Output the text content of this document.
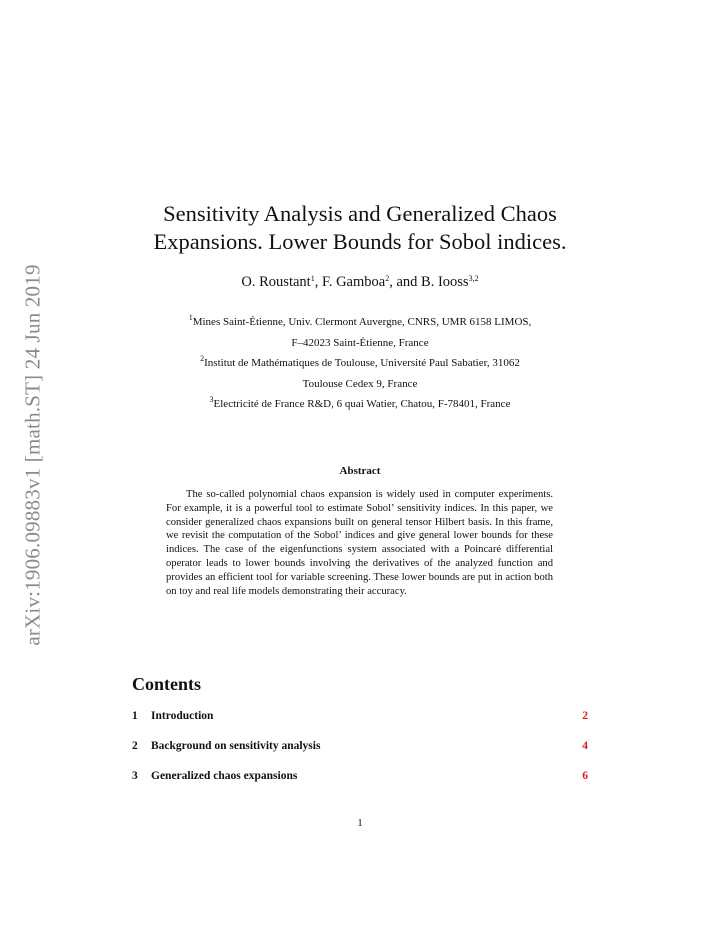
arXiv:1906.09883v1 [math.ST] 24 Jun 2019
Sensitivity Analysis and Generalized Chaos
Expansions. Lower Bounds for Sobol indices.
O. Roustant$^1$, F. Gamboa$^2$, and B. Iooss$^{3,2}$
$^1$Mines Saint-Étienne, Univ. Clermont Auvergne, CNRS, UMR 6158 LIMOS,
F–42023 Saint-Étienne, France
$^2$Institut de Mathématiques de Toulouse, Université Paul Sabatier, 31062
Toulouse Cedex 9, France
$^3$Electricité de France R&D, 6 quai Watier, Chatou, F-78401, France
Abstract

The so-called polynomial chaos expansion is widely used in computer experiments. For example, it is a powerful tool to estimate Sobol’ sensitivity indices. In this paper, we consider generalized chaos expansions built on general tensor Hilbert basis. In this frame, we revisit the computation of the Sobol’ indices and give general lower bounds for these indices. The case of the eigenfunctions system associated with a Poincaré differential operator leads to lower bounds involving the derivatives of the analyzed function and provides an efficient tool for variable screening. These lower bounds are put in action both on toy and real life models demonstrating their accuracy.

Contents
1	Introduction	2
2	Background on sensitivity analysis	4
3	Generalized chaos expansions	6
1
